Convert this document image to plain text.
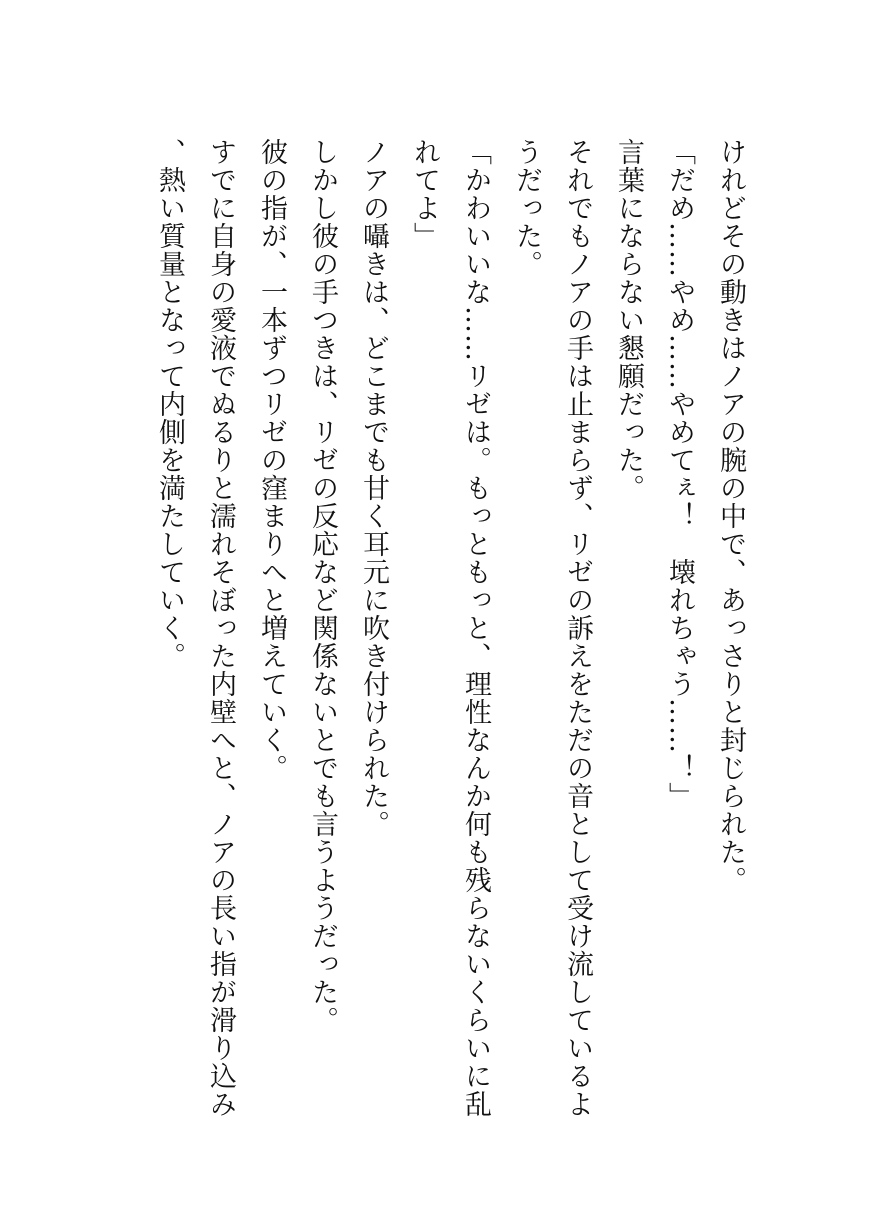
けれどその動きはノアの腕の中で、あっさりと封じられた。

「だめ……やめ……やめてぇ！　壊れちゃう……！」

言葉にならない懇願だった。

それでもノアの手は止まらず、リゼの訴えをただの音として受け流しているようだった。

「かわいいな……リゼは。もっともっと、理性なんか何も残らないくらいに乱れてよ」

ノアの囁きは、どこまでも甘く耳元に吹き付けられた。

しかし彼の手つきは、リゼの反応など関係ないとでも言うようだった。

彼の指が、一本ずつリゼの窪まりへと増えていく。

すでに自身の愛液でぬるりと濡れそぼった内壁へと、ノアの長い指が滑り込み、熱い質量となって内側を満たしていく。
